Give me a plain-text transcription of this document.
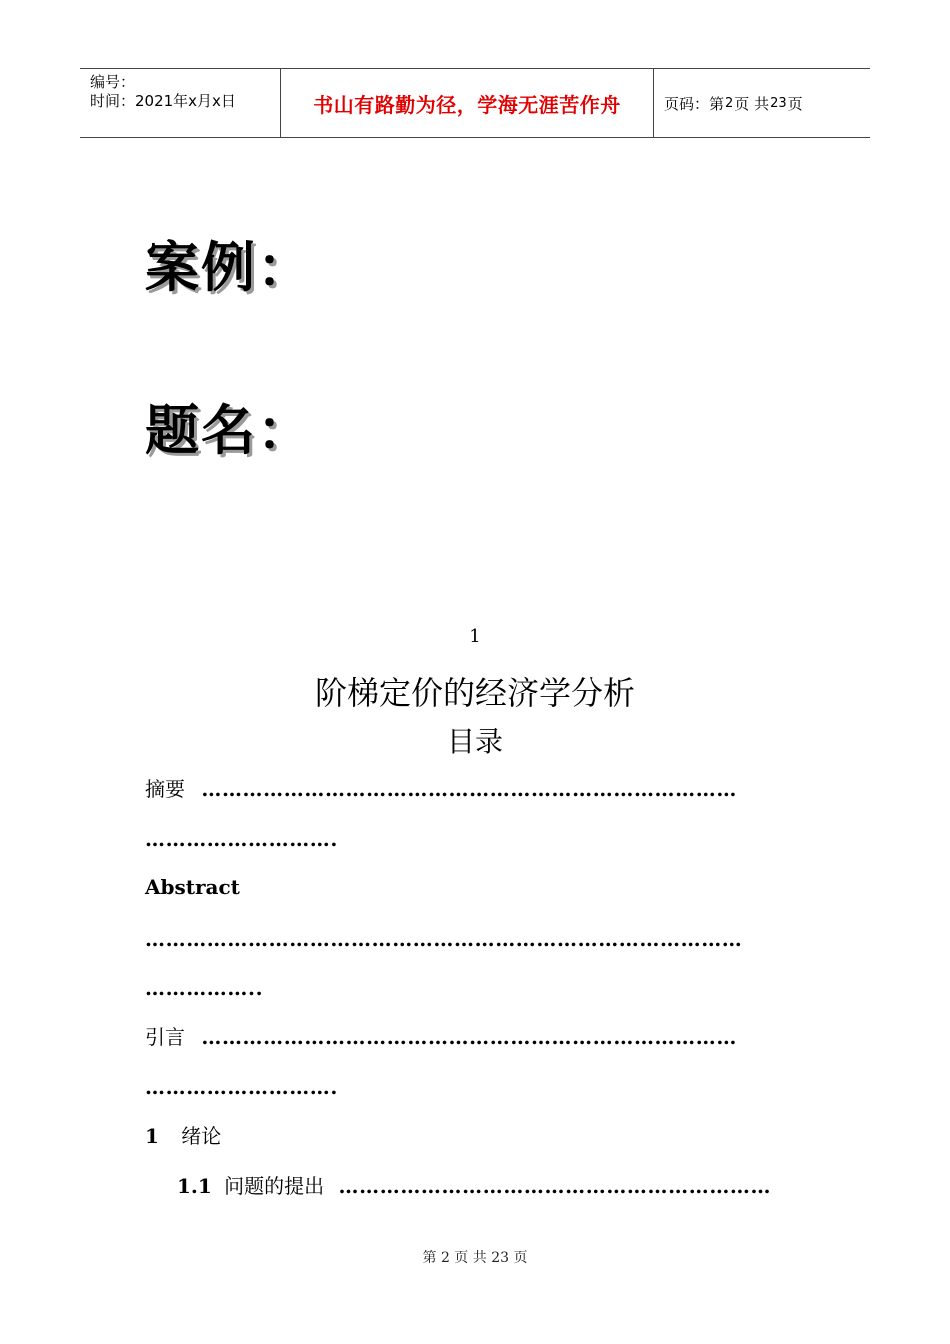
编号：
时间：2021年x月x日	书山有路勤为径，学海无涯苦作舟	页码：第 2 页 共 23 页
案例：
题名：
1
阶梯定价的经济学分析
目录
摘要 ……………………………………………………………………
……………………….
Abstract
……………………………………………………………………………
……………..
引言 ……………………………………………………………………
……………………….
1 绪论
1.1 问题的提出 ………………………………………………………
第 2 页 共 23 页
